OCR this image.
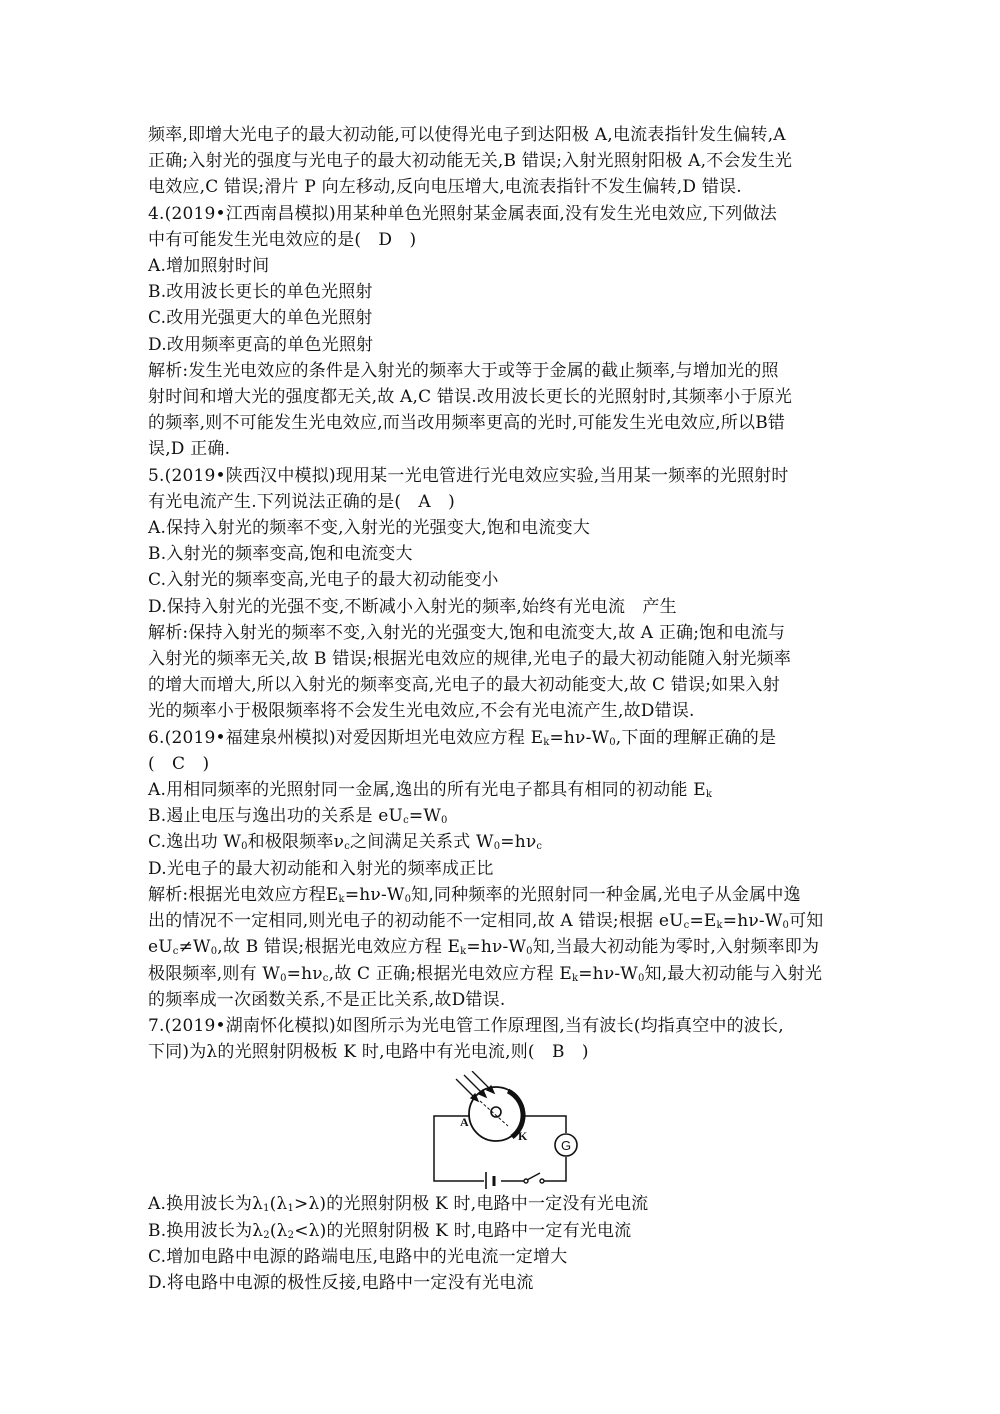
频率,即增大光电子的最大初动能,可以使得光电子到达阳极 A,电流表指针发生偏转,A
正确;入射光的强度与光电子的最大初动能无关,B 错误;入射光照射阳极 A,不会发生光
电效应,C 错误;滑片 P 向左移动,反向电压增大,电流表指针不发生偏转,D 错误.
4.(2019•江西南昌模拟)用某种单色光照射某金属表面,没有发生光电效应,下列做法
中有可能发生光电效应的是(　D　)
A.增加照射时间
B.改用波长更长的单色光照射
C.改用光强更大的单色光照射
D.改用频率更高的单色光照射
解析:发生光电效应的条件是入射光的频率大于或等于金属的截止频率,与增加光的照
射时间和增大光的强度都无关,故 A,C 错误.改用波长更长的光照射时,其频率小于原光
的频率,则不可能发生光电效应,而当改用频率更高的光时,可能发生光电效应,所以B错
误,D 正确.
5.(2019•陕西汉中模拟)现用某一光电管进行光电效应实验,当用某一频率的光照射时
有光电流产生.下列说法正确的是(　A　)
A.保持入射光的频率不变,入射光的光强变大,饱和电流变大
B.入射光的频率变高,饱和电流变大
C.入射光的频率变高,光电子的最大初动能变小
D.保持入射光的光强不变,不断减小入射光的频率,始终有光电流　产生
解析:保持入射光的频率不变,入射光的光强变大,饱和电流变大,故 A 正确;饱和电流与
入射光的频率无关,故 B 错误;根据光电效应的规律,光电子的最大初动能随入射光频率
的增大而增大,所以入射光的频率变高,光电子的最大初动能变大,故 C 错误;如果入射
光的频率小于极限频率将不会发生光电效应,不会有光电流产生,故D错误.
6.(2019•福建泉州模拟)对爱因斯坦光电效应方程 $E_k=h\nu-W_0$,下面的理解正确的是
(　C　)
A.用相同频率的光照射同一金属,逸出的所有光电子都具有相同的初动能 $E_k$
B.遏止电压与逸出功的关系是 $eU_c=W_0$
C.逸出功 $W_0$和极限频率$\nu_c$之间满足关系式 $W_0=h\nu_c$
D.光电子的最大初动能和入射光的频率成正比
解析:根据光电效应方程$E_k=h\nu-W_0$知,同种频率的光照射同一种金属,光电子从金属中逸
出的情况不一定相同,则光电子的初动能不一定相同,故 A 错误;根据 $eU_c=E_k=h\nu-W_0$可知
$eU_c\ne W_0$,故 B 错误;根据光电效应方程 $E_k=h\nu-W_0$知,当最大初动能为零时,入射频率即为
极限频率,则有 $W_0=h\nu_c$,故 C 正确;根据光电效应方程 $E_k=h\nu-W_0$知,最大初动能与入射光
的频率成一次函数关系,不是正比关系,故D错误.
7.(2019•湖南怀化模拟)如图所示为光电管工作原理图,当有波长(均指真空中的波长,
下同)为λ的光照射阴极板 K 时,电路中有光电流,则(　B　)
G
A
K
A.换用波长为$\lambda_1(\lambda_1>\lambda)$的光照射阴极 K 时,电路中一定没有光电流
B.换用波长为$\lambda_2(\lambda_2<\lambda)$的光照射阴极 K 时,电路中一定有光电流
C.增加电路中电源的路端电压,电路中的光电流一定增大
D.将电路中电源的极性反接,电路中一定没有光电流
